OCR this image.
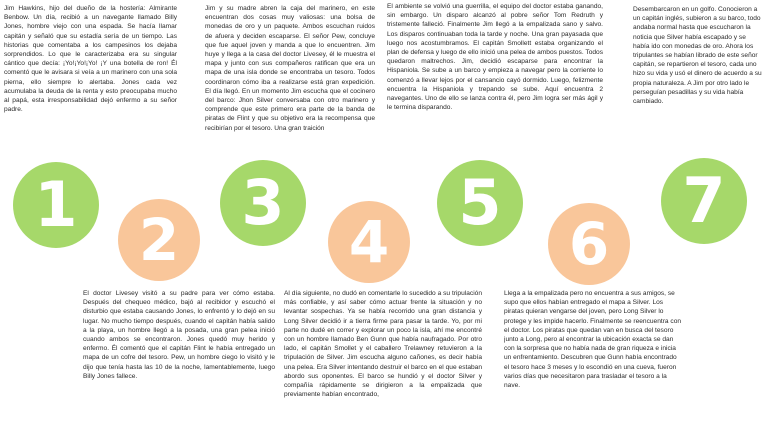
Jim Hawkins, hijo del dueño de la hostería: Almirante Benbow. Un día, recibió a un navegante llamado Billy Jones, hombre viejo con una espada. Se hacía llamar capitán y señaló que su estadía sería de un tiempo. Las historias que comentaba a los campesinos los dejaba sorprendidos. Lo que le caracterizaba era su singular cántico que decía: ¡Yo!¡Yo!¡Yo! ¡Y una botella de ron! Él comentó que le avisara si veía a un marinero con una sola pierna, ello siempre lo alertaba. Jones cada vez acumulaba la deuda de la renta y esto preocupaba mucho al papá, esta irresponsabilidad dejó enfermo a su señor padre.
1
Jim y su madre abren la caja del marinero, en este encuentran dos cosas muy valiosas: una bolsa de monedas de oro y un paquete. Ambos escuchan ruidos de afuera y deciden escaparse. El señor Pew, concluye que fue aquel joven y manda a que lo encuentren. Jim huye y llega a la casa del doctor Livesey, él le muestra el mapa y junto con sus compañeros ratifican que era un mapa de una isla donde se encontraba un tesoro. Todos coordinaron cómo iba a realizarse está gran expedición. El día llegó. En un momento Jim escucha que el cocinero del barco: Jhon Silver conversaba con otro marinero y comprende que este primero era parte de la banda de piratas de Flint y que su objetivo era la recompensa que recibirían por el tesoro. Una gran traición
3
El ambiente se volvió una guerrilla, el equipo del doctor estaba ganando, sin embargo. Un disparo alcanzó al pobre señor Tom Redruth y tristemente falleció. Finalmente Jim llegó a la empalizada sano y salvo. Los disparos continuaban toda la tarde y noche. Una gran payasada que luego nos acostumbramos. El capitán Smollett estaba organizando el plan de defensa y luego de ello inició una pelea de ambos puestos. Todos quedaron maltrechos. Jim, decidió escaparse para encontrar la Hispaniola. Se sube a un barco y empieza a navegar pero la corriente lo comenzó a llevar lejos por el cansancio cayó dormido. Luego, felizmente encuentra la Hispaniola y trepando se sube. Aquí encuentra 2 navegantes. Uno de ello se lanza contra él, pero Jim logra ser más ágil y le termina disparando.
5
Desembarcaron en un golfo. Conocieron a un capitán inglés, subieron a su barco, todo andaba normal hasta que escucharon la noticia que Silver había escapado y se había ido con monedas de oro. Ahora los tripulantes se habían librado de este señor capitán, se repartieron el tesoro, cada uno hizo su vida y usó el dinero de acuerdo a su propia naturaleza. A Jim por otro lado le perseguían pesadillas y su vida había cambiado.
7
2
El doctor Livesey visitó a su padre para ver cómo estaba. Después del chequeo médico, bajó al recibidor y escuchó el disturbio que estaba causando Jones, lo enfrentó y lo dejó en su lugar. No mucho tiempo después, cuando el capitán había salido a la playa, un hombre llegó a la posada, una gran pelea inició cuando ambos se encontraron. Jones quedó muy herido y enfermo. Él comentó que el capitán Flint le había entregado un mapa de un cofre del tesoro. Pew, un hombre ciego lo visitó y le dijo que tenía hasta las 10 de la noche, lamentablemente, luego Billy Jones fallece.
4
Al día siguiente, no dudó en comentarle lo sucedido a su tripulación más confiable, y así saber cómo actuar frente la situación y no levantar sospechas. Ya se había recorrido una gran distancia y Long Silver decidió ir a tierra firme para pasar la tarde. Yo, por mi parte no dudé en correr y explorar un poco la isla, ahí me encontré con un hombre llamado Ben Gunn que había naufragado. Por otro lado, el capitán Smollet y el caballero Trelawney retuvieron a la tripulación de Silver. Jim escucha alguno cañones, es decir había una pelea. Era Silver intentando destruir el barco en el que estaban abordo sus oponentes. El barco se hundió y el doctor Silver y compañía rápidamente se dirigieron a la empalizada que previamente habían encontrado,
6
Llega a la empalizada pero no encuentra a sus amigos, se supo que ellos habían entregado el mapa a Silver. Los piratas quieran vengarse del joven, pero Long Silver lo protege y les impide hacerlo. Finalmente se reencuentra con el doctor. Los piratas que quedan van en busca del tesoro junto a Long, pero al encontrar la ubicación exacta se dan con la sorpresa que no había nada de gran riqueza e inicia un enfrentamiento. Descubren que Gunn había encontrado el tesoro hace 3 meses y lo escondió en una cueva, fueron varios días que necesitaron para trasladar el tesoro a la nave.
